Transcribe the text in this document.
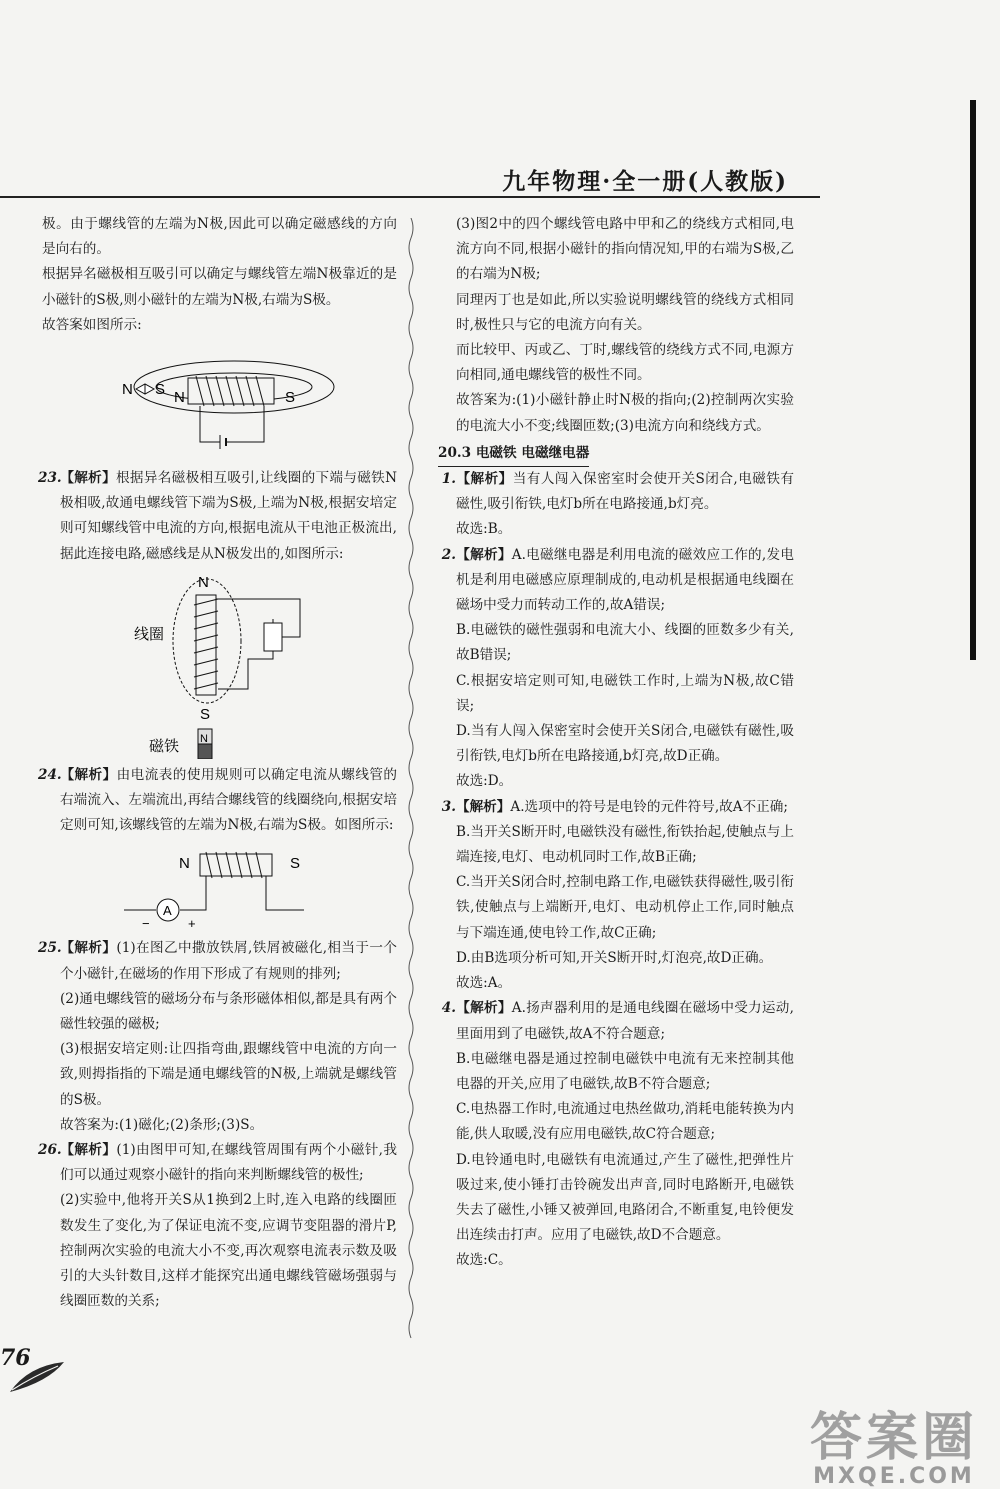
九年物理·全一册(人教版)

极。由于螺线管的左端为N极,因此可以确定磁感线的方向是向右的。

根据异名磁极相互吸引可以确定与螺线管左端N极靠近的是小磁针的S极,则小磁针的左端为N极,右端为S极。

故答案如图所示:

N S N	S

23.【解析】根据异名磁极相互吸引,让线圈的下端与磁铁N极相吸,故通电螺线管下端为S极,上端为N极,根据安培定则可知螺线管中电流的方向,根据电流从干电池正极流出,据此连接电路,磁感线是从N极发出的,如图所示:

N
线圈
S
磁铁 N

24.【解析】由电流表的使用规则可以确定电流从螺线管的右端流入、左端流出,再结合螺线管的线圈绕向,根据安培定则可知,该螺线管的左端为N极,右端为S极。如图所示:

N	S
A
−	+

25.【解析】(1)在图乙中撒放铁屑,铁屑被磁化,相当于一个个小磁针,在磁场的作用下形成了有规则的排列;

(2)通电螺线管的磁场分布与条形磁体相似,都是具有两个磁性较强的磁极;

(3)根据安培定则:让四指弯曲,跟螺线管中电流的方向一致,则拇指指的下端是通电螺线管的N极,上端就是螺线管的S极。

故答案为:(1)磁化;(2)条形;(3)S。

26.【解析】(1)由图甲可知,在螺线管周围有两个小磁针,我们可以通过观察小磁针的指向来判断螺线管的极性;

(2)实验中,他将开关S从1换到2上时,连入电路的线圈匝数发生了变化,为了保证电流不变,应调节变阻器的滑片P,控制两次实验的电流大小不变,再次观察电流表示数及吸引的大头针数目,这样才能探究出通电螺线管磁场强弱与线圈匝数的关系;

(3)图2中的四个螺线管电路中甲和乙的绕线方式相同,电流方向不同,根据小磁针的指向情况知,甲的右端为S极,乙的右端为N极;

同理丙丁也是如此,所以实验说明螺线管的绕线方式相同时,极性只与它的电流方向有关。

而比较甲、丙或乙、丁时,螺线管的绕线方式不同,电源方向相同,通电螺线管的极性不同。

故答案为:(1)小磁针静止时N极的指向;(2)控制两次实验的电流大小不变;线圈匝数;(3)电流方向和绕线方式。

20.3 电磁铁 电磁继电器

1.【解析】当有人闯入保密室时会使开关S闭合,电磁铁有磁性,吸引衔铁,电灯b所在电路接通,b灯亮。

故选:B。

2.【解析】A.电磁继电器是利用电流的磁效应工作的,发电机是利用电磁感应原理制成的,电动机是根据通电线圈在磁场中受力而转动工作的,故A错误;

B.电磁铁的磁性强弱和电流大小、线圈的匝数多少有关,故B错误;

C.根据安培定则可知,电磁铁工作时,上端为N极,故C错误;

D.当有人闯入保密室时会使开关S闭合,电磁铁有磁性,吸引衔铁,电灯b所在电路接通,b灯亮,故D正确。

故选:D。

3.【解析】A.选项中的符号是电铃的元件符号,故A不正确;

B.当开关S断开时,电磁铁没有磁性,衔铁抬起,使触点与上端连接,电灯、电动机同时工作,故B正确;

C.当开关S闭合时,控制电路工作,电磁铁获得磁性,吸引衔铁,使触点与上端断开,电灯、电动机停止工作,同时触点与下端连通,使电铃工作,故C正确;

D.由B选项分析可知,开关S断开时,灯泡亮,故D正确。

故选:A。

4.【解析】A.扬声器利用的是通电线圈在磁场中受力运动,里面用到了电磁铁,故A不符合题意;

B.电磁继电器是通过控制电磁铁中电流有无来控制其他电器的开关,应用了电磁铁,故B不符合题意;

C.电热器工作时,电流通过电热丝做功,消耗电能转换为内能,供人取暖,没有应用电磁铁,故C符合题意;

D.电铃通电时,电磁铁有电流通过,产生了磁性,把弹性片吸过来,使小锤打击铃碗发出声音,同时电路断开,电磁铁失去了磁性,小锤又被弹回,电路闭合,不断重复,电铃便发出连续击打声。应用了电磁铁,故D不合题意。

故选:C。

76
答案圈
MXQE.COM
